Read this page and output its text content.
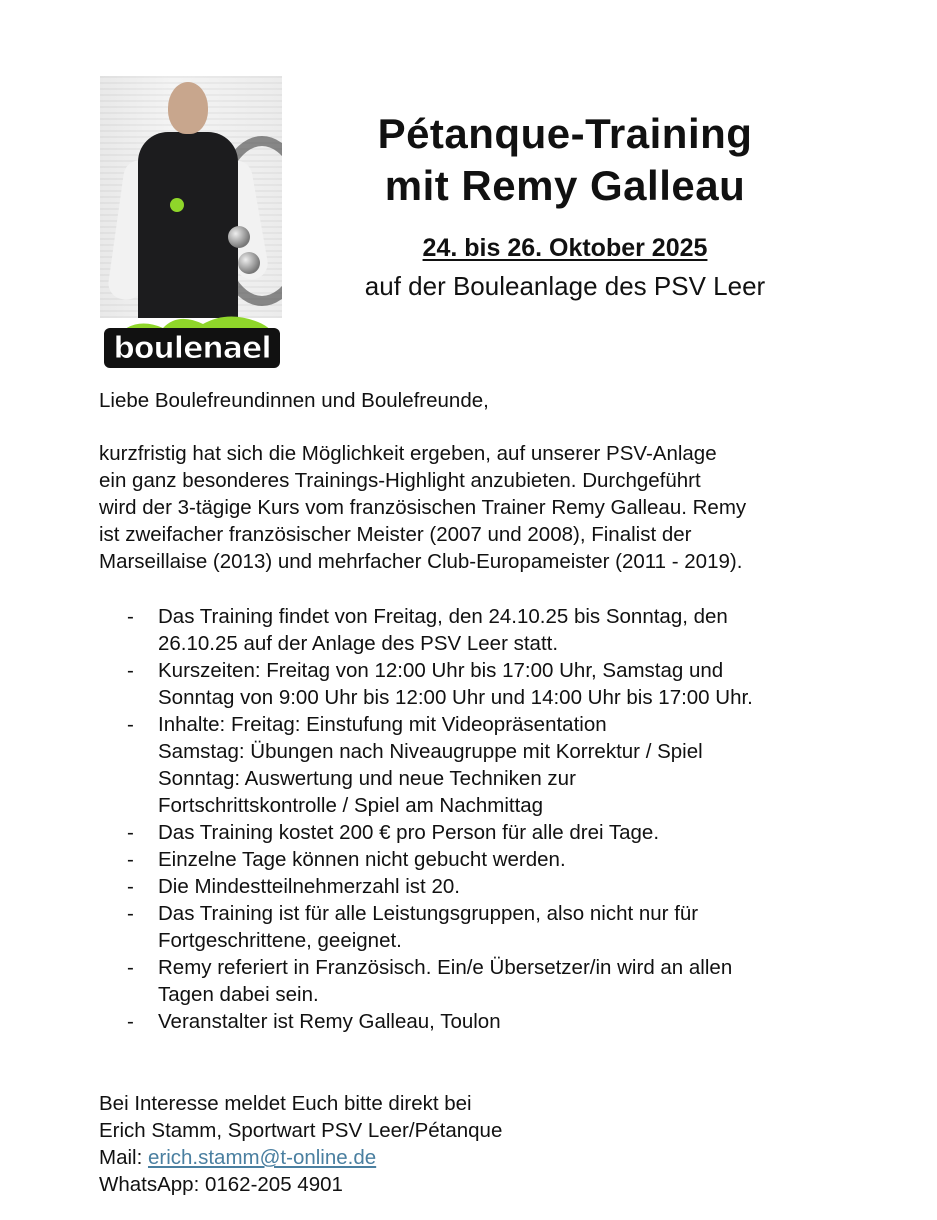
boulenael
Pétanque-Training
mit Remy Galleau
24. bis 26. Oktober 2025
auf der Bouleanlage des PSV Leer
Liebe Boulefreundinnen und Boulefreunde,
kurzfristig hat sich die Möglichkeit ergeben, auf unserer PSV-Anlage
ein ganz besonderes Trainings-Highlight anzubieten. Durchgeführt
wird der 3-tägige Kurs vom französischen Trainer Remy Galleau. Remy
ist zweifacher französischer Meister (2007 und 2008), Finalist der
Marseillaise (2013) und mehrfacher Club-Europameister (2011 - 2019).
- Das Training findet von Freitag, den 24.10.25 bis Sonntag, den
26.10.25 auf der Anlage des PSV Leer statt.
- Kurszeiten: Freitag von 12:00 Uhr bis 17:00 Uhr, Samstag und
Sonntag von 9:00 Uhr bis 12:00 Uhr und 14:00 Uhr bis 17:00 Uhr.
- Inhalte: Freitag: Einstufung mit Videopräsentation
Samstag: Übungen nach Niveaugruppe mit Korrektur / Spiel
Sonntag: Auswertung und neue Techniken zur
Fortschrittskontrolle / Spiel am Nachmittag
- Das Training kostet 200 € pro Person für alle drei Tage.
- Einzelne Tage können nicht gebucht werden.
- Die Mindestteilnehmerzahl ist 20.
- Das Training ist für alle Leistungsgruppen, also nicht nur für
Fortgeschrittene, geeignet.
- Remy referiert in Französisch. Ein/e Übersetzer/in wird an allen
Tagen dabei sein.
- Veranstalter ist Remy Galleau, Toulon
Bei Interesse meldet Euch bitte direkt bei
Erich Stamm, Sportwart PSV Leer/Pétanque
Mail: erich.stamm@t-online.de
WhatsApp: 0162-205 4901
